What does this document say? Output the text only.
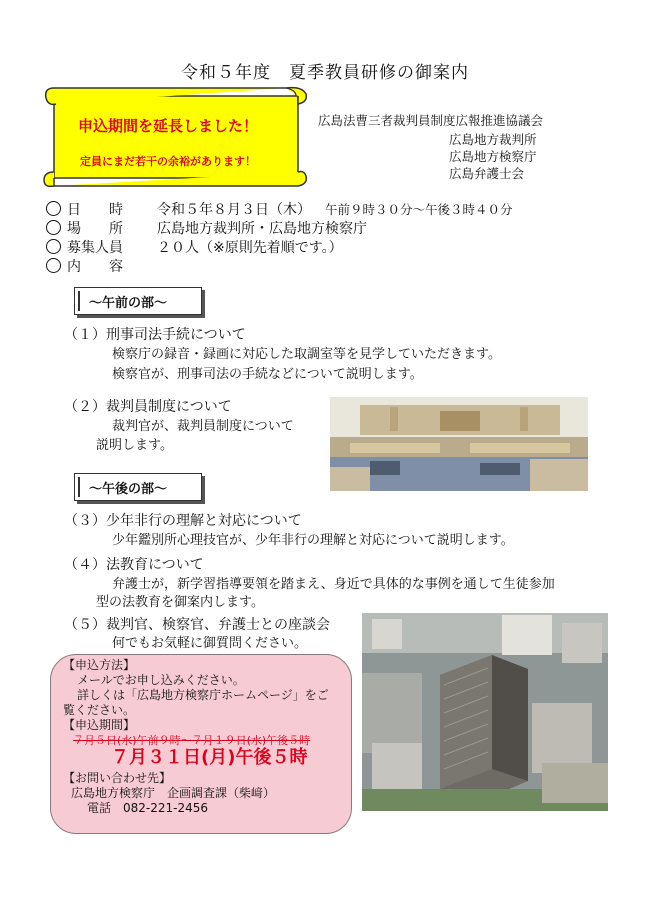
令和５年度　夏季教員研修の御案内
申込期間を延長しました！
定員にまだ若干の余裕があります！
広島法曹三者裁判員制度広報推進協議会
広島地方裁判所
広島地方検察庁
広島弁護士会
日　　時 令和５年８月３日（木） 午前９時３０分～午後３時４０分
場　　所 広島地方裁判所・広島地方検察庁
募集人員 ２０人（※原則先着順です。）
内　　容
～午前の部～
（１）刑事司法手続について
検察庁の録音・録画に対応した取調室等を見学していただきます。
検察官が、刑事司法の手続などについて説明します。
（２）裁判員制度について
裁判官が、裁判員制度について
説明します。
～午後の部～
（３）少年非行の理解と対応について
少年鑑別所心理技官が、少年非行の理解と対応について説明します。
（４）法教育について
弁護士が，新学習指導要領を踏まえ、身近で具体的な事例を通して生徒参加
型の法教育を御案内します。
（５）裁判官、検察官、弁護士との座談会
何でもお気軽に御質問ください。
【申込方法】
メールでお申し込みください。
詳しくは「広島地方検察庁ホームページ」をご
覧ください。
【申込期間】
７月５日(水)午前９時～７月１９日(水)午後５時
７月３１日(月)午後５時
【お問い合わせ先】
広島地方検察庁　企画調査課（柴﨑）
電話　082-221-2456
